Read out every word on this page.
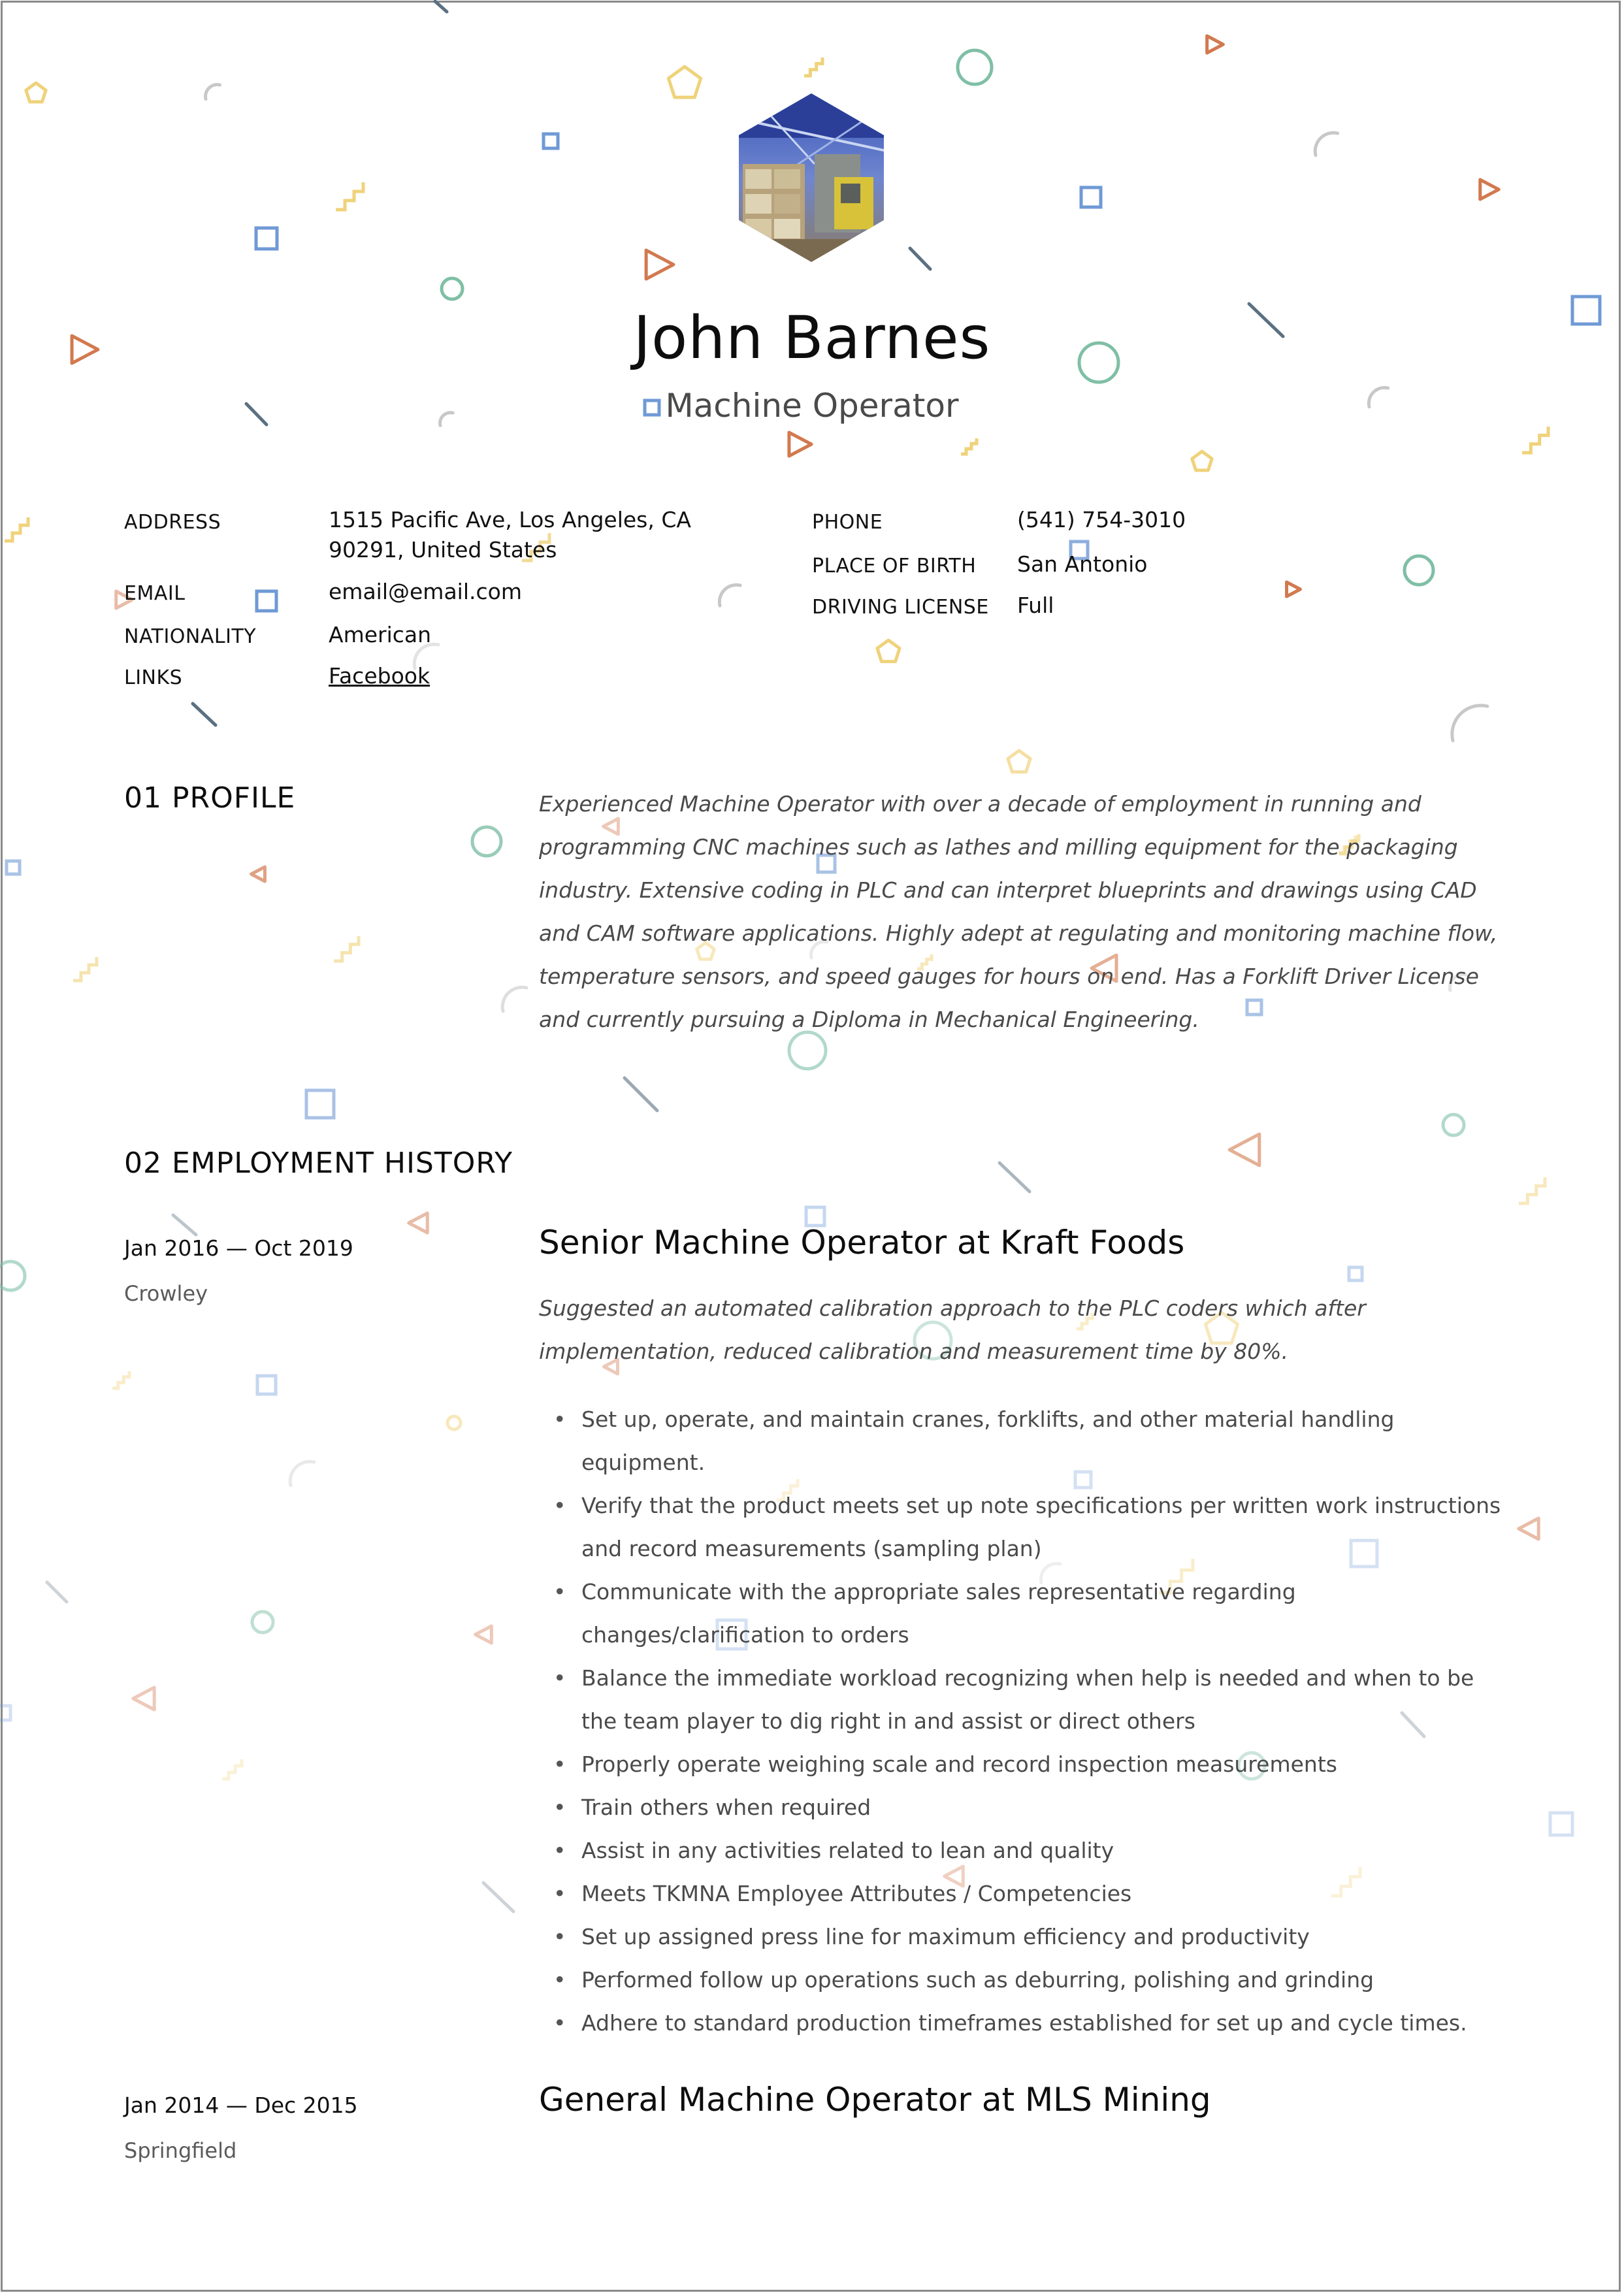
John Barnes
Machine Operator
ADDRESS	1515 Pacific Ave, Los Angeles, CA
90291, United States
EMAIL	email@email.com
NATIONALITY	American
LINKS	Facebook
PHONE	(541) 754-3010
PLACE OF BIRTH San Antonio
DRIVING LICENSE Full
01 PROFILE	Experienced Machine Operator with over a decade of employment in running and programming CNC machines such as lathes and milling equipment for the packaging industry. Extensive coding in PLC and can interpret blueprints and drawings using CAD and CAM software applications. Highly adept at regulating and monitoring machine flow, temperature sensors, and speed gauges for hours on end. Has a Forklift Driver License and currently pursuing a Diploma in Mechanical Engineering.
02 EMPLOYMENT HISTORY
Jan 2016 — Oct 2019
Crowley
Senior Machine Operator at Kraft Foods
Suggested an automated calibration approach to the PLC coders which after implementation, reduced calibration and measurement time by 80%.
• Set up, operate, and maintain cranes, forklifts, and other material handling equipment.
• Verify that the product meets set up note specifications per written work instructions and record measurements (sampling plan)
• Communicate with the appropriate sales representative regarding changes/clarification to orders
• Balance the immediate workload recognizing when help is needed and when to be the team player to dig right in and assist or direct others
• Properly operate weighing scale and record inspection measurements
• Train others when required
• Assist in any activities related to lean and quality
• Meets TKMNA Employee Attributes / Competencies
• Set up assigned press line for maximum efficiency and productivity
• Performed follow up operations such as deburring, polishing and grinding
• Adhere to standard production timeframes established for set up and cycle times.
Jan 2014 — Dec 2015
Springfield
General Machine Operator at MLS Mining
